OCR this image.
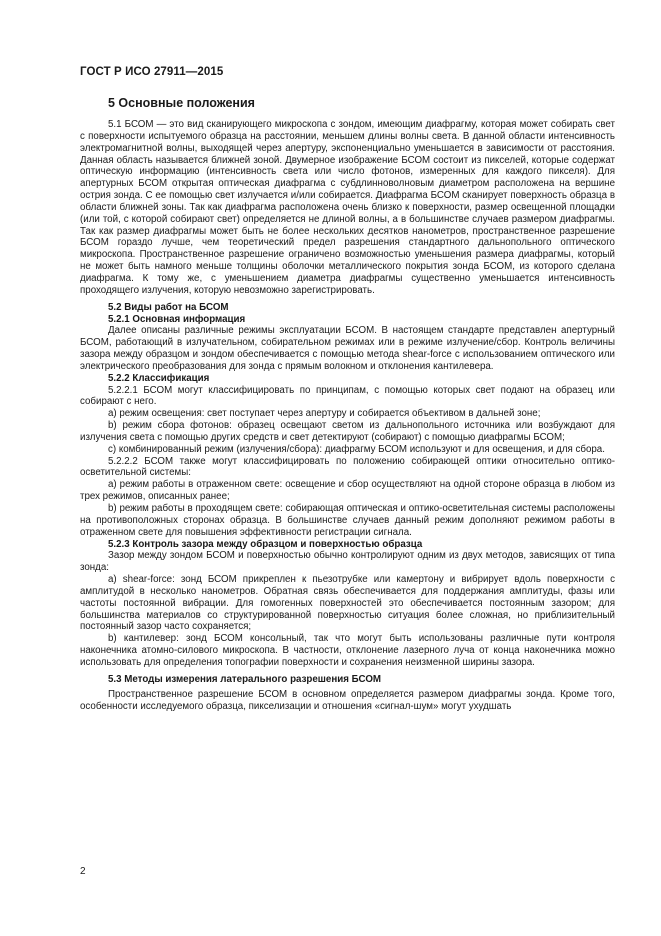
ГОСТ Р ИСО 27911—2015
5 Основные положения

5.1 БСОМ — это вид сканирующего микроскопа с зондом, имеющим диафрагму, которая может собирать свет с поверхности испытуемого образца на расстоянии, меньшем длины волны света. В данной области интенсивность электромагнитной волны, выходящей через апертуру, экспоненциально уменьшается в зависимости от расстояния. Данная область называется ближней зоной. Двумерное изображение БСОМ состоит из пикселей, которые содержат оптическую информацию (интенсивность света или число фотонов, измеренных для каждого пикселя). Для апертурных БСОМ открытая оптическая диафрагма с субдлинноволновым диаметром расположена на вершине острия зонда. С ее помощью свет излучается и/или собирается. Диафрагма БСОМ сканирует поверхность образца в области ближней зоны. Так как диафрагма расположена очень близко к поверхности, размер освещенной площадки (или той, с которой собирают свет) определяется не длиной волны, а в большинстве случаев размером диафрагмы. Так как размер диафрагмы может быть не более нескольких десятков нанометров, пространственное разрешение БСОМ гораздо лучше, чем теоретический предел разрешения стандартного дальнопольного оптического микроскопа. Пространственное разрешение ограничено возможностью уменьшения размера диафрагмы, который не может быть намного меньше толщины оболочки металлического покрытия зонда БСОМ, из которого сделана диафрагма. К тому же, с уменьшением диаметра диафрагмы существенно уменьшается интенсивность проходящего излучения, которую невозможно зарегистрировать.

5.2 Виды работ на БСОМ
5.2.1 Основная информация

Далее описаны различные режимы эксплуатации БСОМ. В настоящем стандарте представлен апертурный БСОМ, работающий в излучательном, собирательном режимах или в режиме излучение/сбор. Контроль величины зазора между образцом и зондом обеспечивается с помощью метода shear-force с использованием оптического или электрического преобразования для зонда с прямым волокном и отклонения кантилевера.

5.2.2 Классификация

5.2.2.1 БСОМ могут классифицировать по принципам, с помощью которых свет подают на образец или собирают с него.

а) режим освещения: свет поступает через апертуру и собирается объективом в дальней зоне;

b) режим сбора фотонов: образец освещают светом из дальнопольного источника или возбуждают для излучения света с помощью других средств и свет детектируют (собирают) с помощью диафрагмы БСОМ;

c) комбинированный режим (излучения/сбора): диафрагму БСОМ используют и для освещения, и для сбора.

5.2.2.2 БСОМ также могут классифицировать по положению собирающей оптики относительно оптико-осветительной системы:

а) режим работы в отраженном свете: освещение и сбор осуществляют на одной стороне образца в любом из трех режимов, описанных ранее;

b) режим работы в проходящем свете: собирающая оптическая и оптико-осветительная системы расположены на противоположных сторонах образца. В большинстве случаев данный режим дополняют режимом работы в отраженном свете для повышения эффективности регистрации сигнала.

5.2.3 Контроль зазора между образцом и поверхностью образца

Зазор между зондом БСОМ и поверхностью обычно контролируют одним из двух методов, зависящих от типа зонда:

а) shear-force: зонд БСОМ прикреплен к пьезотрубке или камертону и вибрирует вдоль поверхности с амплитудой в несколько нанометров. Обратная связь обеспечивается для поддержания амплитуды, фазы или частоты постоянной вибрации. Для гомогенных поверхностей это обеспечивается постоянным зазором; для большинства материалов со структурированной поверхностью ситуация более сложная, но приблизительный постоянный зазор часто сохраняется;

b) кантилевер: зонд БСОМ консольный, так что могут быть использованы различные пути контроля наконечника атомно-силового микроскопа. В частности, отклонение лазерного луча от конца наконечника можно использовать для определения топографии поверхности и сохранения неизменной ширины зазора.

5.3 Методы измерения латерального разрешения БСОМ

Пространственное разрешение БСОМ в основном определяется размером диафрагмы зонда. Кроме того, особенности исследуемого образца, пикселизации и отношения «сигнал-шум» могут ухудшать

2
